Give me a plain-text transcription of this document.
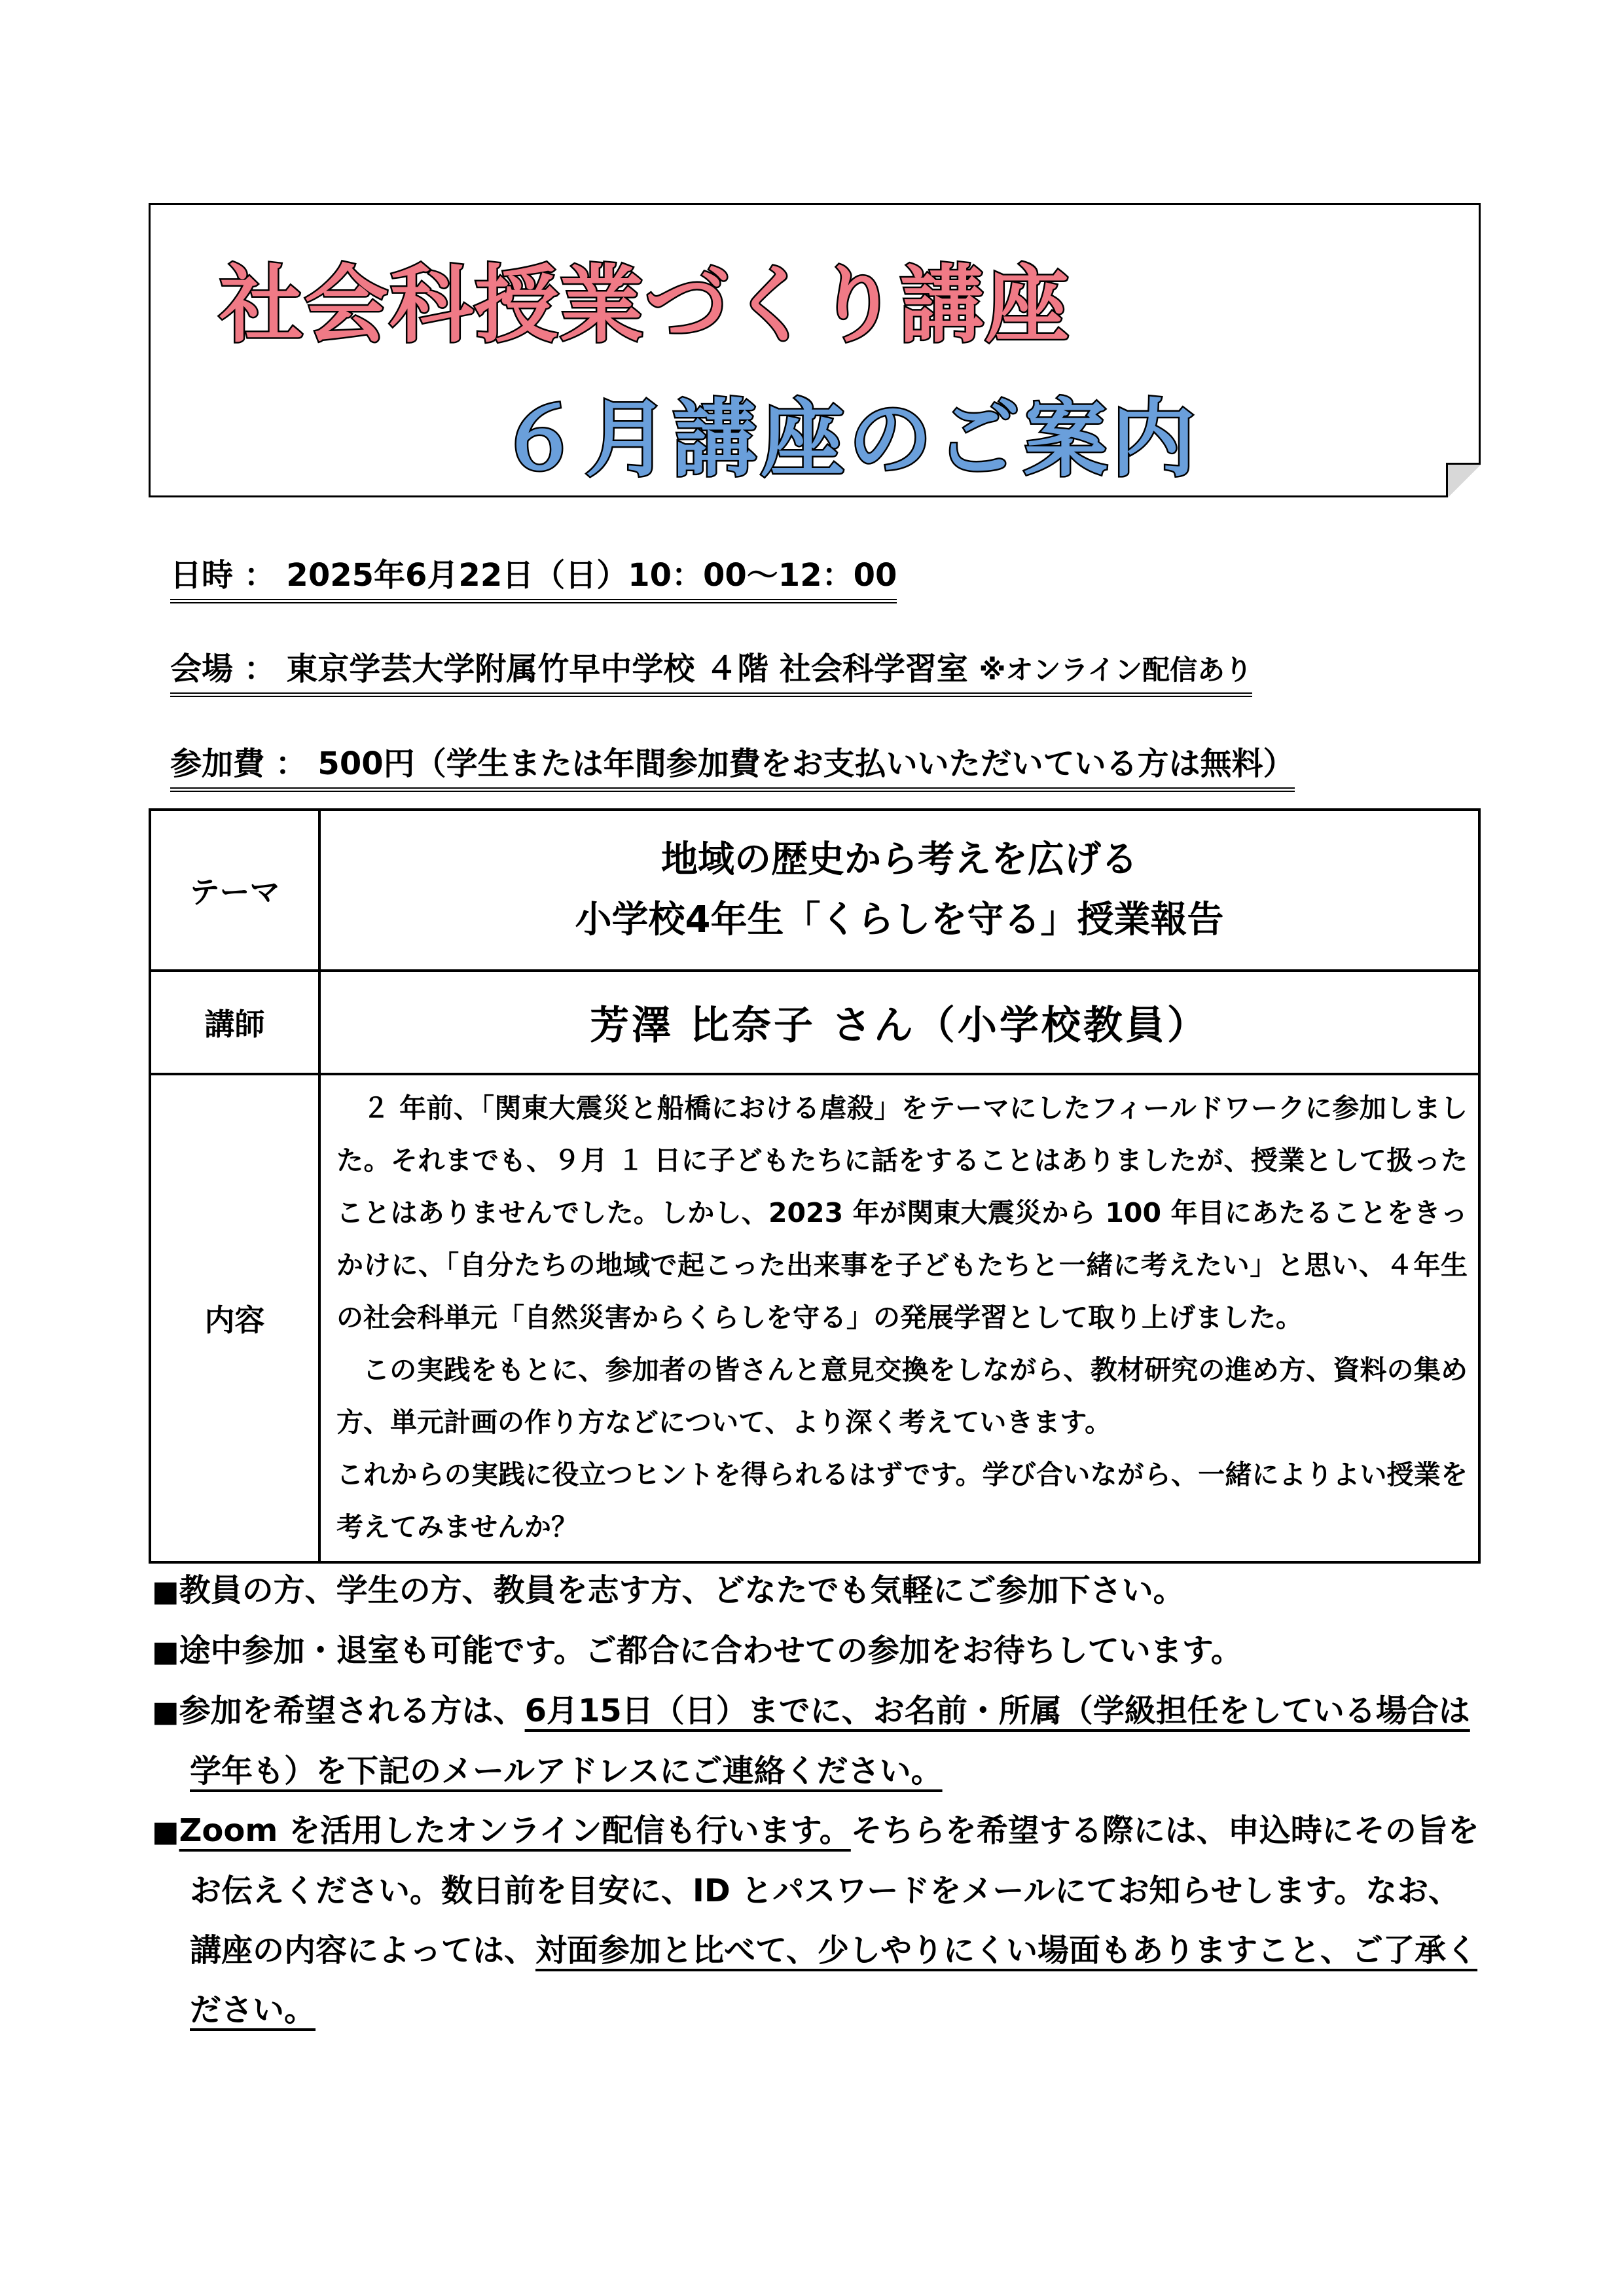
社会科授業づくり講座
６月講座のご案内
日時 ： 2025年6月22日（日）10：00～12：00
会場 ： 東京学芸大学附属竹早中学校 ４階 社会科学習室 ※オンライン配信あり
参加費 ： 500円（学生または年間参加費をお支払いいただいている方は無料）
テーマ	地域の歴史から考えを広げる
小学校4年生「くらしを守る」授業報告

講師	芳澤 比奈子 さん（小学校教員）
内容	２ 年前、「関東大震災と船橋における虐殺」をテーマにしたフィールドワークに参加しました。それまでも、９月 １ 日に子どもたちに話をすることはありましたが、授業として扱ったことはありませんでした。しかし、2023 年が関東大震災から 100 年目にあたることをきっかけに、「自分たちの地域で起こった出来事を子どもたちと一緒に考えたい」と思い、４年生の社会科単元「自然災害からくらしを守る」の発展学習として取り上げました。

この実践をもとに、参加者の皆さんと意見交換をしながら、教材研究の進め方、資料の集め方、単元計画の作り方などについて、より深く考えていきます。

これからの実践に役立つヒントを得られるはずです。学び合いながら、一緒によりよい授業を考えてみませんか？

■教員の方、学生の方、教員を志す方、どなたでも気軽にご参加下さい。

■途中参加・退室も可能です。ご都合に合わせての参加をお待ちしています。

■参加を希望される方は、6月15日（日）までに、お名前・所属（学級担任をしている場合は学年も）を下記のメールアドレスにご連絡ください。

■Zoom を活用したオンライン配信も行います。そちらを希望する際には、申込時にその旨をお伝えください。数日前を目安に、ID とパスワードをメールにてお知らせします。なお、講座の内容によっては、対面参加と比べて、少しやりにくい場面もありますこと、ご了承ください。
